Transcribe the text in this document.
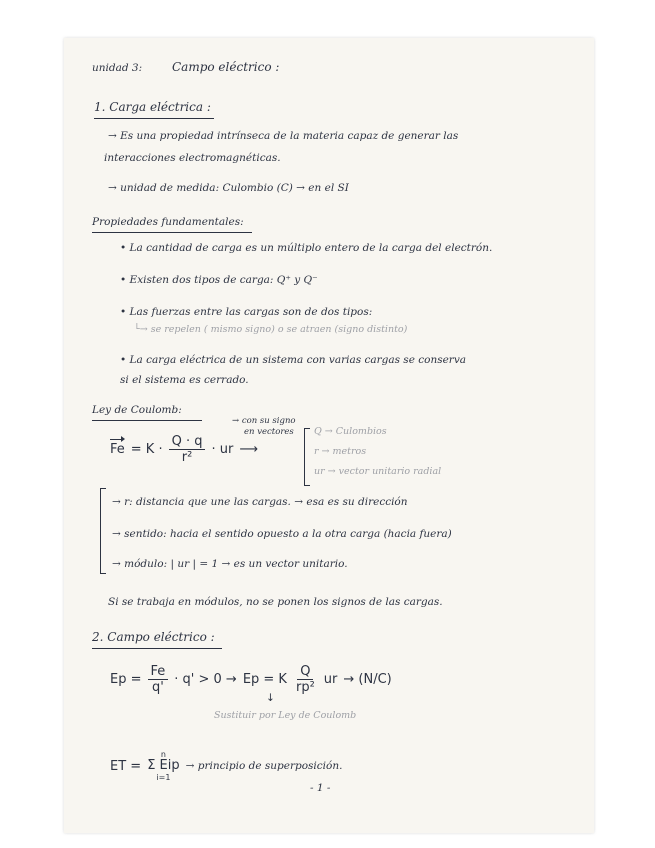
unidad 3: Campo eléctrico :
1. Carga eléctrica :
→ Es una propiedad intrínseca de la materia capaz de generar las
interacciones electromagnéticas.
→ unidad de medida: Culombio (C) → en el SI
Propiedades fundamentales:
• La cantidad de carga es un múltiplo entero de la carga del electrón.
• Existen dos tipos de carga: Q⁺ y Q⁻
• Las fuerzas entre las cargas son de dos tipos:
└→ se repelen ( mismo signo) o se atraen (signo distinto)
• La carga eléctrica de un sistema con varias cargas se conserva
si el sistema es cerrado.
Ley de Coulomb:
→ con su signo
en vectores
$Fe = K \cdot \frac{Q \cdot q}{\text{r²}}$ · ur ⟶
Q → Culombios
r → metros
ur → vector unitario radial
→ r: distancia que une las cargas. → esa es su dirección
→ sentido: hacia el sentido opuesto a la otra carga (hacia fuera)
→ módulo: | ur | = 1 → es un vector unitario.
Si se trabaja en módulos, no se ponen los signos de las cargas.
2. Campo eléctrico :
$Ep = \frac{Fe}{q'} \cdot q' > 0 \to Ep = K \frac{Q}{\text{rp²}}$ ur → (N/C)
↓
Sustituir por Ley de Coulomb
ET =
n
Σ Eip
i=1
→ principio de superposición.
- 1 -
